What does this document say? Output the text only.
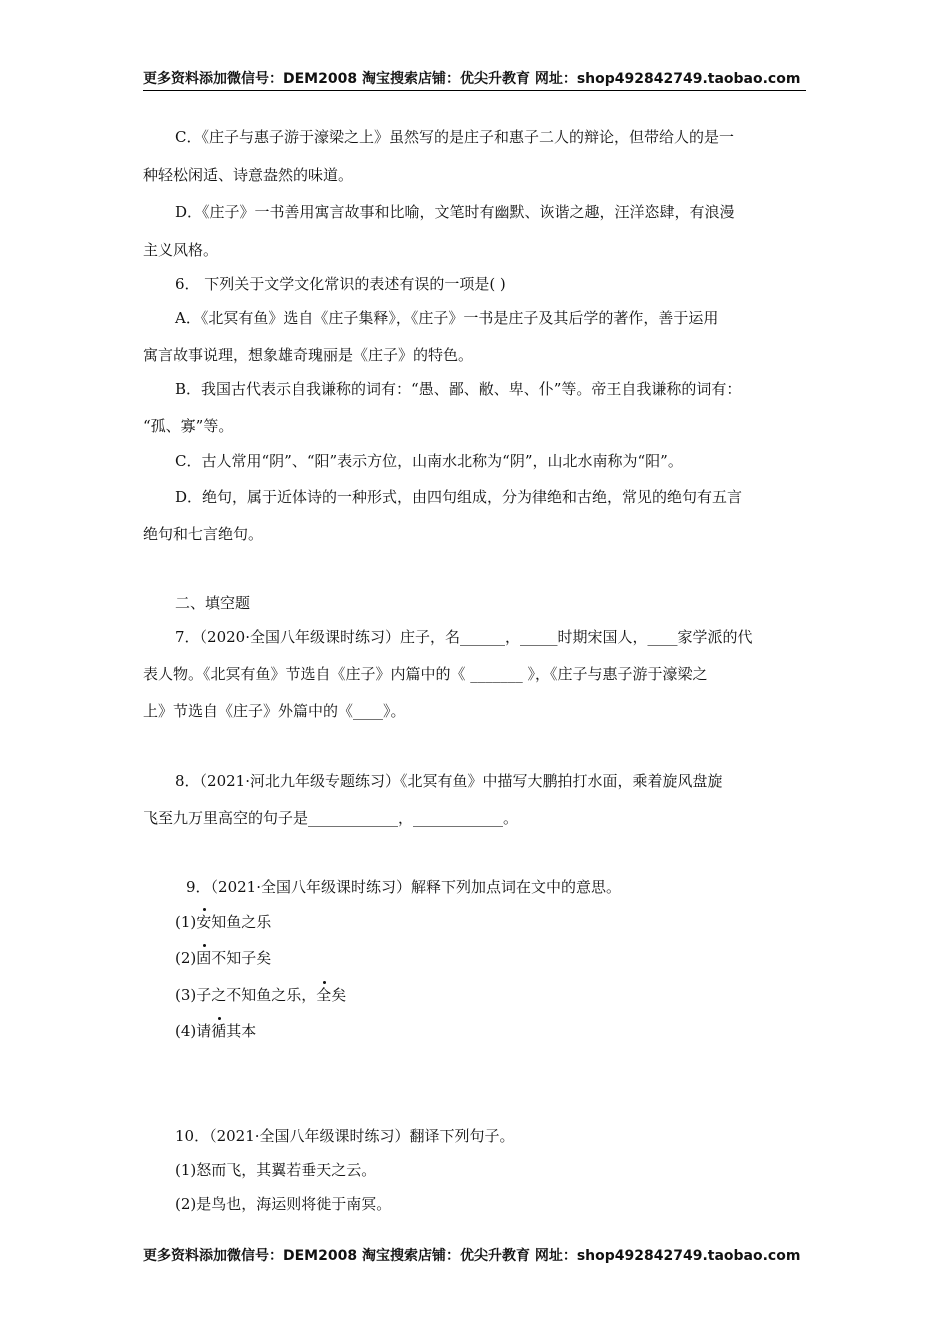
更多资料添加微信号：DEM2008 淘宝搜索店铺：优尖升教育 网址：shop492842749.taobao.com
C．《庄子与惠子游于濠梁之上》虽然写的是庄子和惠子二人的辩论，但带给人的是一
种轻松闲适、诗意盎然的味道。
D．《庄子》一书善用寓言故事和比喻，文笔时有幽默、诙谐之趣，汪洋恣肆，有浪漫
主义风格。
6． 下列关于文学文化常识的表述有误的一项是( )
A．《北冥有鱼》选自《庄子集释》，《庄子》一书是庄子及其后学的著作，善于运用
寓言故事说理，想象雄奇瑰丽是《庄子》的特色。
B．我国古代表示自我谦称的词有：“愚、鄙、敝、卑、仆”等。帝王自我谦称的词有：
“孤、寡”等。
C．古人常用“阴”、“阳”表示方位，山南水北称为“阴”，山北水南称为“阳”。
D．绝句，属于近体诗的一种形式，由四句组成，分为律绝和古绝，常见的绝句有五言
绝句和七言绝句。
二、填空题
7．（2020·全国八年级课时练习）庄子，名______，_____时期宋国人，____家学派的代
表人物。《北冥有鱼》节选自《庄子》内篇中的《 _______ 》，《庄子与惠子游于濠梁之
上》节选自《庄子》外篇中的《____》。
8．（2021·河北九年级专题练习）《北冥有鱼》中描写大鹏拍打水面，乘着旋风盘旋
飞至九万里高空的句子是____________，____________。
9．（2021·全国八年级课时练习）解释下列加点词在文中的意思。
(1)安知鱼之乐
(2)固不知子矣
(3)子之不知鱼之乐，全矣
(4)请循其本
10．（2021·全国八年级课时练习）翻译下列句子。
(1)怒而飞，其翼若垂天之云。
(2)是鸟也，海运则将徙于南冥。
更多资料添加微信号：DEM2008 淘宝搜索店铺：优尖升教育 网址：shop492842749.taobao.com
